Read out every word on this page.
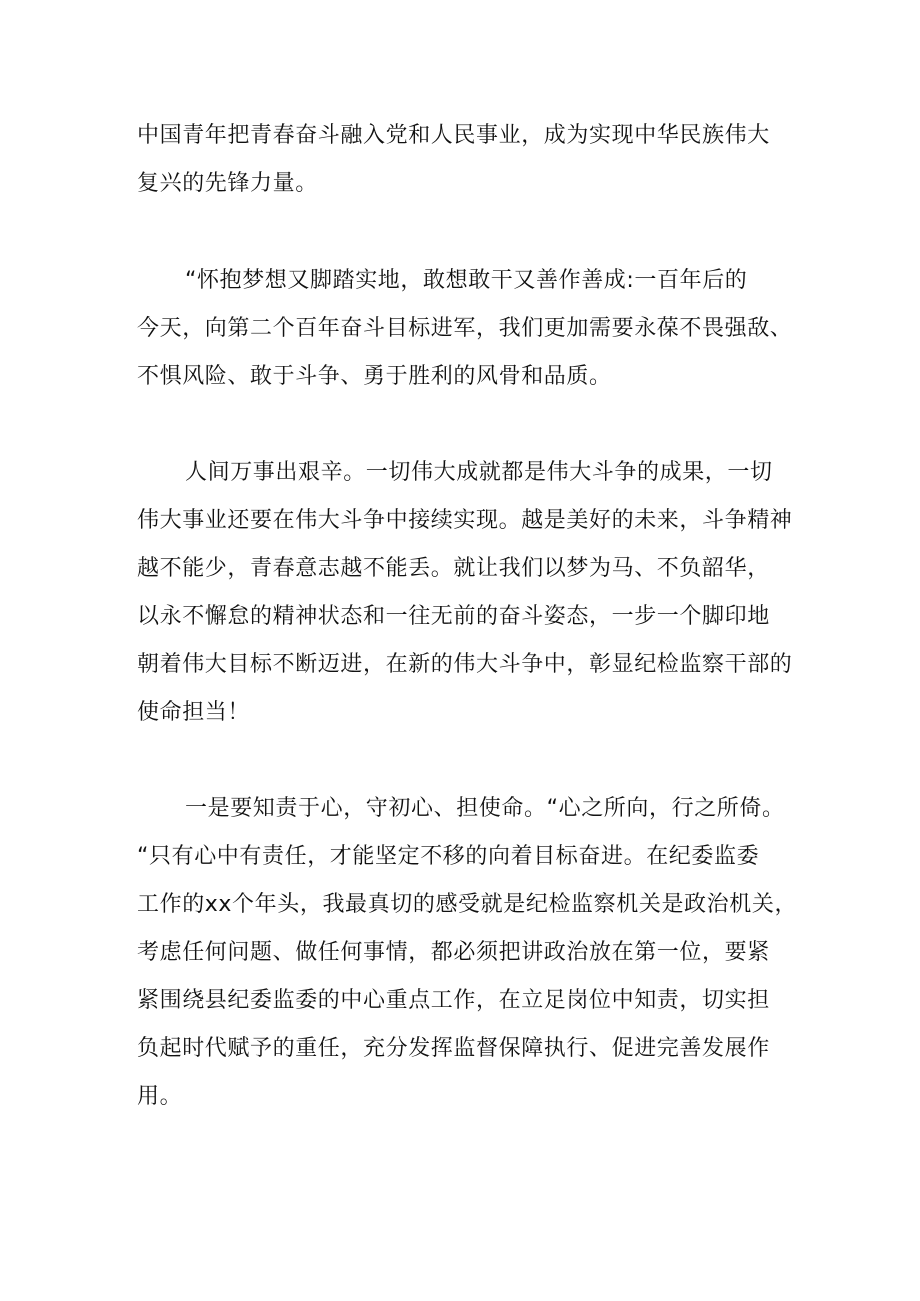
中国青年把青春奋斗融入党和人民事业，成为实现中华民族伟大
复兴的先锋力量。
“怀抱梦想又脚踏实地，敢想敢干又善作善成:一百年后的
今天，向第二个百年奋斗目标进军，我们更加需要永葆不畏强敌、
不惧风险、敢于斗争、勇于胜利的风骨和品质。
人间万事出艰辛。一切伟大成就都是伟大斗争的成果，一切
伟大事业还要在伟大斗争中接续实现。越是美好的未来，斗争精神
越不能少，青春意志越不能丢。就让我们以梦为马、不负韶华，
以永不懈怠的精神状态和一往无前的奋斗姿态，一步一个脚印地
朝着伟大目标不断迈进，在新的伟大斗争中，彰显纪检监察干部的
使命担当！
一是要知责于心，守初心、担使命。“心之所向，行之所倚。
“只有心中有责任，才能坚定不移的向着目标奋进。在纪委监委
工作的xx个年头，我最真切的感受就是纪检监察机关是政治机关，
考虑任何问题、做任何事情，都必须把讲政治放在第一位，要紧
紧围绕县纪委监委的中心重点工作，在立足岗位中知责，切实担
负起时代赋予的重任，充分发挥监督保障执行、促进完善发展作
用。
